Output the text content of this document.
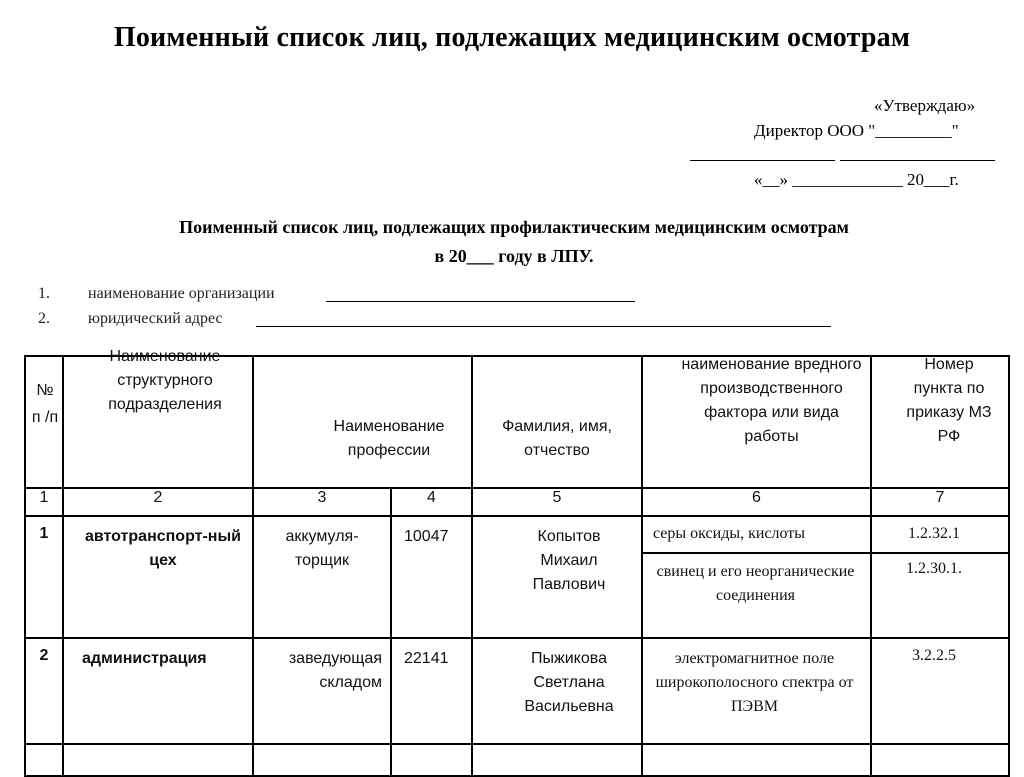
Поименный список лиц, подлежащих медицинским осмотрам
«Утверждаю»
Директор ООО "_________"
«__» _____________ 20___г.
Поименный список лиц, подлежащих профилактическим медицинским осмотрам
в 20___ году в ЛПУ.
1. наименование организации
2. юридический адрес
№ п /п	Наименование структурного подразделения	Наименование профессии		Фамилия, имя, отчество	наименование вредного производственного фактора или вида работы	Номер пункта по приказу МЗ РФ

1	2	3	4	5	6	7

1	автотранспорт-ный цех	аккумуля-торщик	10047	Копытов Михаил Павлович	серы оксиды, кислоты	1.2.32.1

					свинец и его неорганические соединения	1.2.30.1.

2	администрация	заведующая складом	22141	Пыжикова Светлана Васильевна	электромагнитное поле широкополосного спектра от ПЭВМ	3.2.2.5
